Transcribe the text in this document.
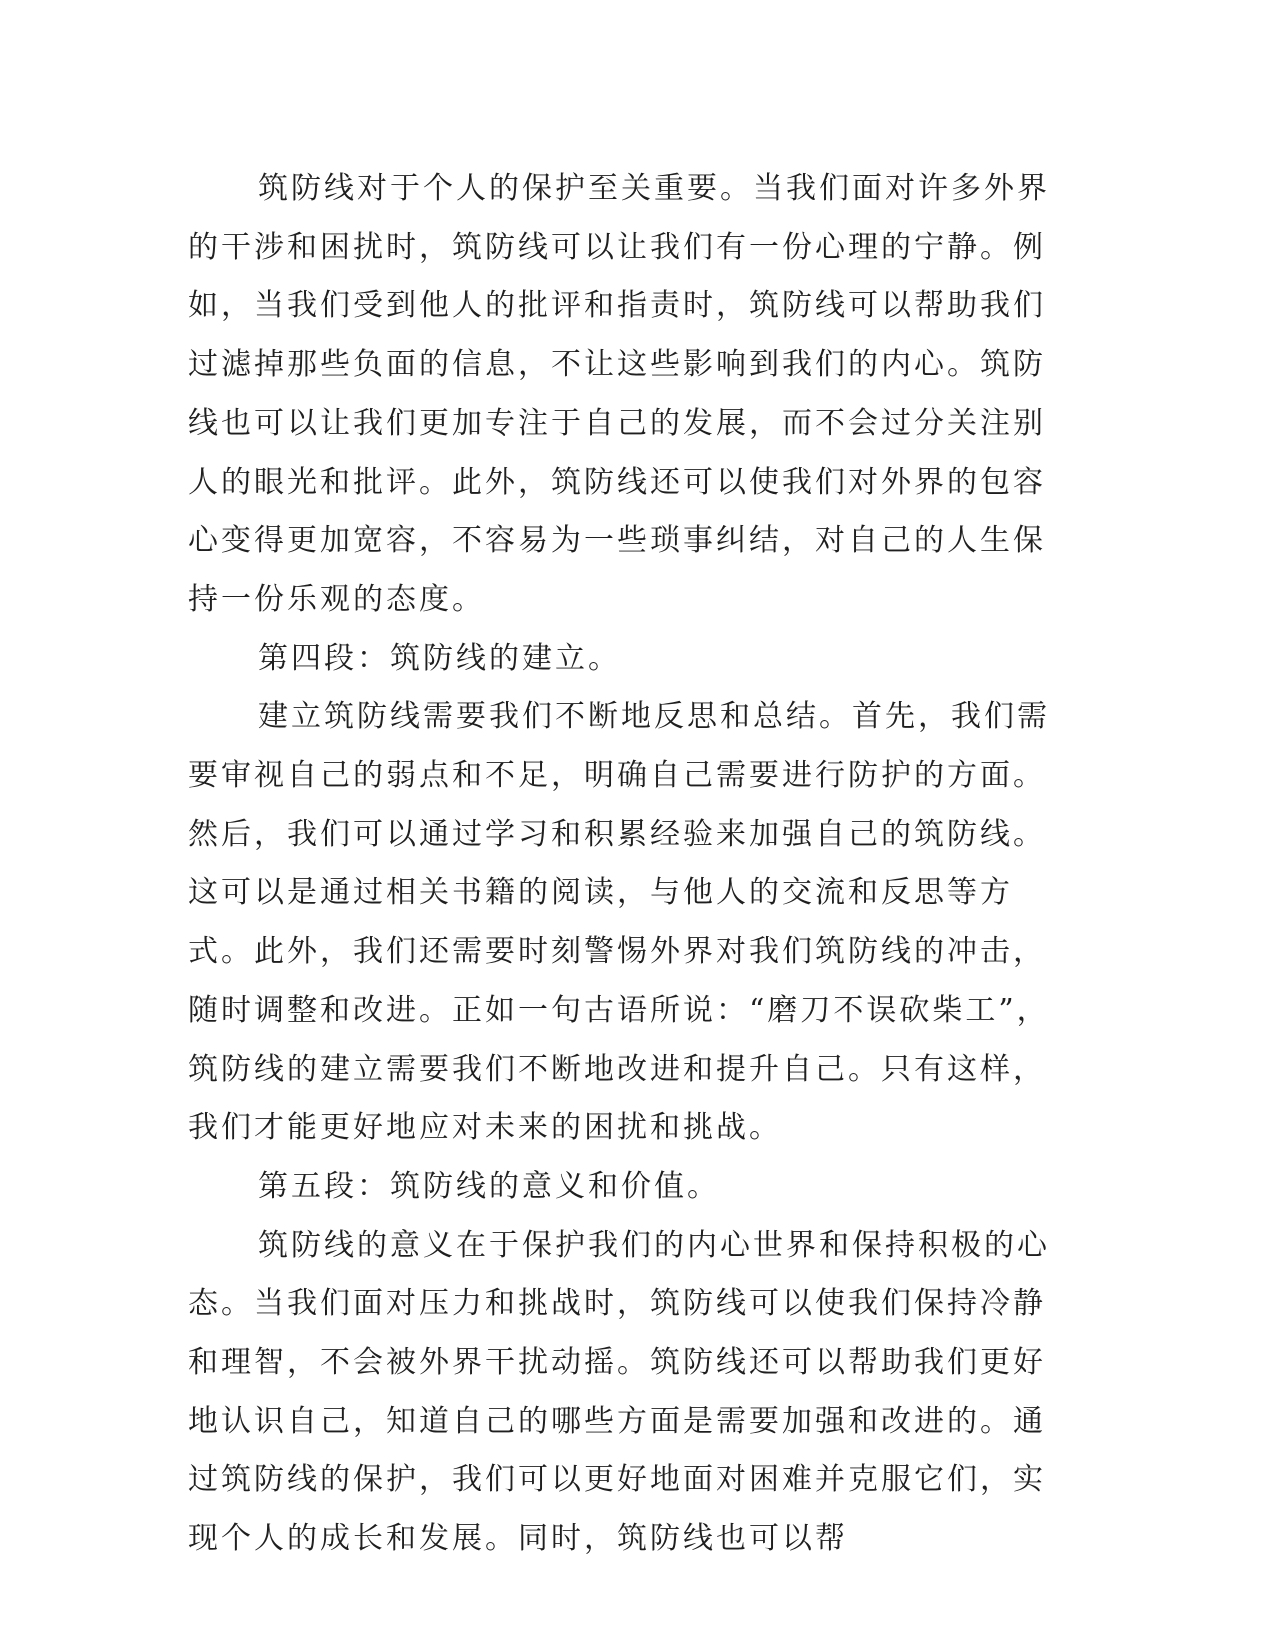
筑防线对于个人的保护至关重要。当我们面对许多外界的干涉和困扰时，筑防线可以让我们有一份心理的宁静。例如，当我们受到他人的批评和指责时，筑防线可以帮助我们过滤掉那些负面的信息，不让这些影响到我们的内心。筑防线也可以让我们更加专注于自己的发展，而不会过分关注别人的眼光和批评。此外，筑防线还可以使我们对外界的包容心变得更加宽容，不容易为一些琐事纠结，对自己的人生保持一份乐观的态度。

第四段：筑防线的建立。

建立筑防线需要我们不断地反思和总结。首先，我们需要审视自己的弱点和不足，明确自己需要进行防护的方面。然后，我们可以通过学习和积累经验来加强自己的筑防线。这可以是通过相关书籍的阅读，与他人的交流和反思等方式。此外，我们还需要时刻警惕外界对我们筑防线的冲击，随时调整和改进。正如一句古语所说：“磨刀不误砍柴工”，筑防线的建立需要我们不断地改进和提升自己。只有这样，我们才能更好地应对未来的困扰和挑战。

第五段：筑防线的意义和价值。

筑防线的意义在于保护我们的内心世界和保持积极的心态。当我们面对压力和挑战时，筑防线可以使我们保持冷静和理智，不会被外界干扰动摇。筑防线还可以帮助我们更好地认识自己，知道自己的哪些方面是需要加强和改进的。通过筑防线的保护，我们可以更好地面对困难并克服它们，实现个人的成长和发展。同时，筑防线也可以帮
